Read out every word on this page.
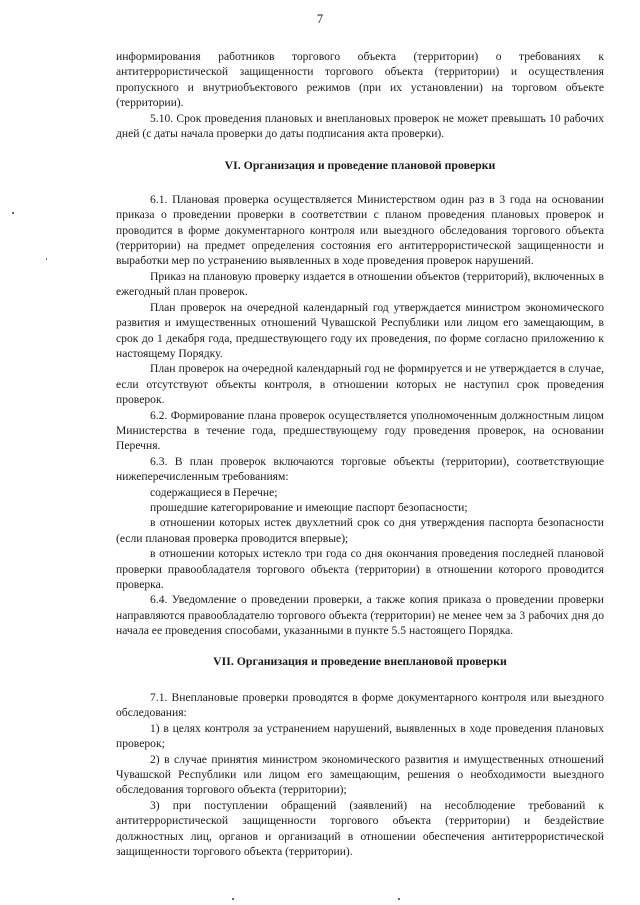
7

информирования работников торгового объекта (территории) о требованиях к антитеррористической защищенности торгового объекта (территории) и осуществления пропускного и внутриобъектового режимов (при их установлении) на торговом объекте (территории).

5.10. Срок проведения плановых и внеплановых проверок не может превышать 10 рабочих дней (с даты начала проверки до даты подписания акта проверки).

VI. Организация и проведение плановой проверки

6.1. Плановая проверка осуществляется Министерством один раз в 3 года на основании приказа о проведении проверки в соответствии с планом проведения плановых проверок и проводится в форме документарного контроля или выездного обследования торгового объекта (территории) на предмет определения состояния его антитеррористической защищенности и выработки мер по устранению выявленных в ходе проведения проверок нарушений.

Приказ на плановую проверку издается в отношении объектов (территорий), включенных в ежегодный план проверок.

План проверок на очередной календарный год утверждается министром экономического развития и имущественных отношений Чувашской Республики или лицом его замещающим, в срок до 1 декабря года, предшествующего году их проведения, по форме согласно приложению к настоящему Порядку.

План проверок на очередной календарный год не формируется и не утверждается в случае, если отсутствуют объекты контроля, в отношении которых не наступил срок проведения проверок.

6.2. Формирование плана проверок осуществляется уполномоченным должностным лицом Министерства в течение года, предшествующему году проведения проверок, на основании Перечня.

6.3. В план проверок включаются торговые объекты (территории), соответствующие нижеперечисленным требованиям:

содержащиеся в Перечне;

прошедшие категорирование и имеющие паспорт безопасности;

в отношении которых истек двухлетний срок со дня утверждения паспорта безопасности (если плановая проверка проводится впервые);

в отношении которых истекло три года со дня окончания проведения последней плановой проверки правообладателя торгового объекта (территории) в отношении которого проводится проверка.

6.4. Уведомление о проведении проверки, а также копия приказа о проведении проверки направляются правообладателю торгового объекта (территории) не менее чем за 3 рабочих дня до начала ее проведения способами, указанными в пункте 5.5 настоящего Порядка.

VII. Организация и проведение внеплановой проверки

7.1. Внеплановые проверки проводятся в форме документарного контроля или выездного обследования:

1) в целях контроля за устранением нарушений, выявленных в ходе проведения плановых проверок;

2) в случае принятия министром экономического развития и имущественных отношений Чувашской Республики или лицом его замещающим, решения о необходимости выездного обследования торгового объекта (территории);

3) при поступлении обращений (заявлений) на несоблюдение требований к антитеррористической защищенности торгового объекта (территории) и бездействие должностных лиц, органов и организаций в отношении обеспечения антитеррористической защищенности торгового объекта (территории).
